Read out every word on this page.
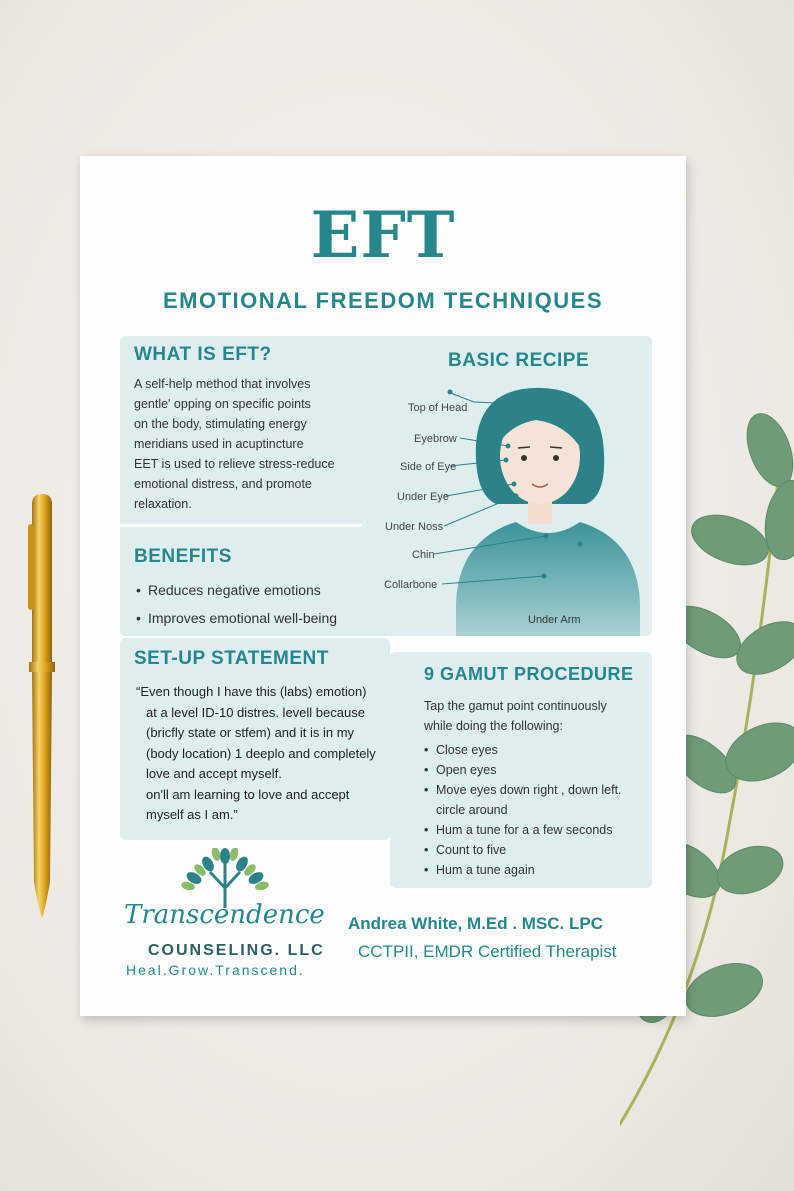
EFT
EMOTIONAL FREEDOM TECHNIQUES
WHAT IS EFT?
A self-help method that involves
gentle' opping on specific points
on the body, stimulating energy
meridians used in acuptincture
EET is used to relieve stress-reduce
emotional distress, and promote
relaxation.
BENEFITS
• Reduces negative emotions
• Improves emotional well-being
BASIC RECIPE
Top of Head
Eyebrow
Side of Eye
Under Eye
Under Noss
Chin
Collarbone
Under Arm
SET-UP STATEMENT
“Even though I have this (labs) emotion)
at a level ID-10 distres. levell because
(bricfly state or stfem) and it is in my
(body location) 1 deeplo and completely
love and accept myself.
on'll am learning to love and accept
myself as I am.”
9 GAMUT PROCEDURE
Tap the gamut point continuously
while doing the following:
• Close eyes
• Open eyes
• Move eyes down right , down left.
circle around
• Hum a tune for a a few seconds
• Count to five
• Hum a tune again
Transcendence
COUNSELING. LLC
Heal.Grow.Transcend.
Andrea White, M.Ed . MSC. LPC
CCTPII, EMDR Certified Therapist
